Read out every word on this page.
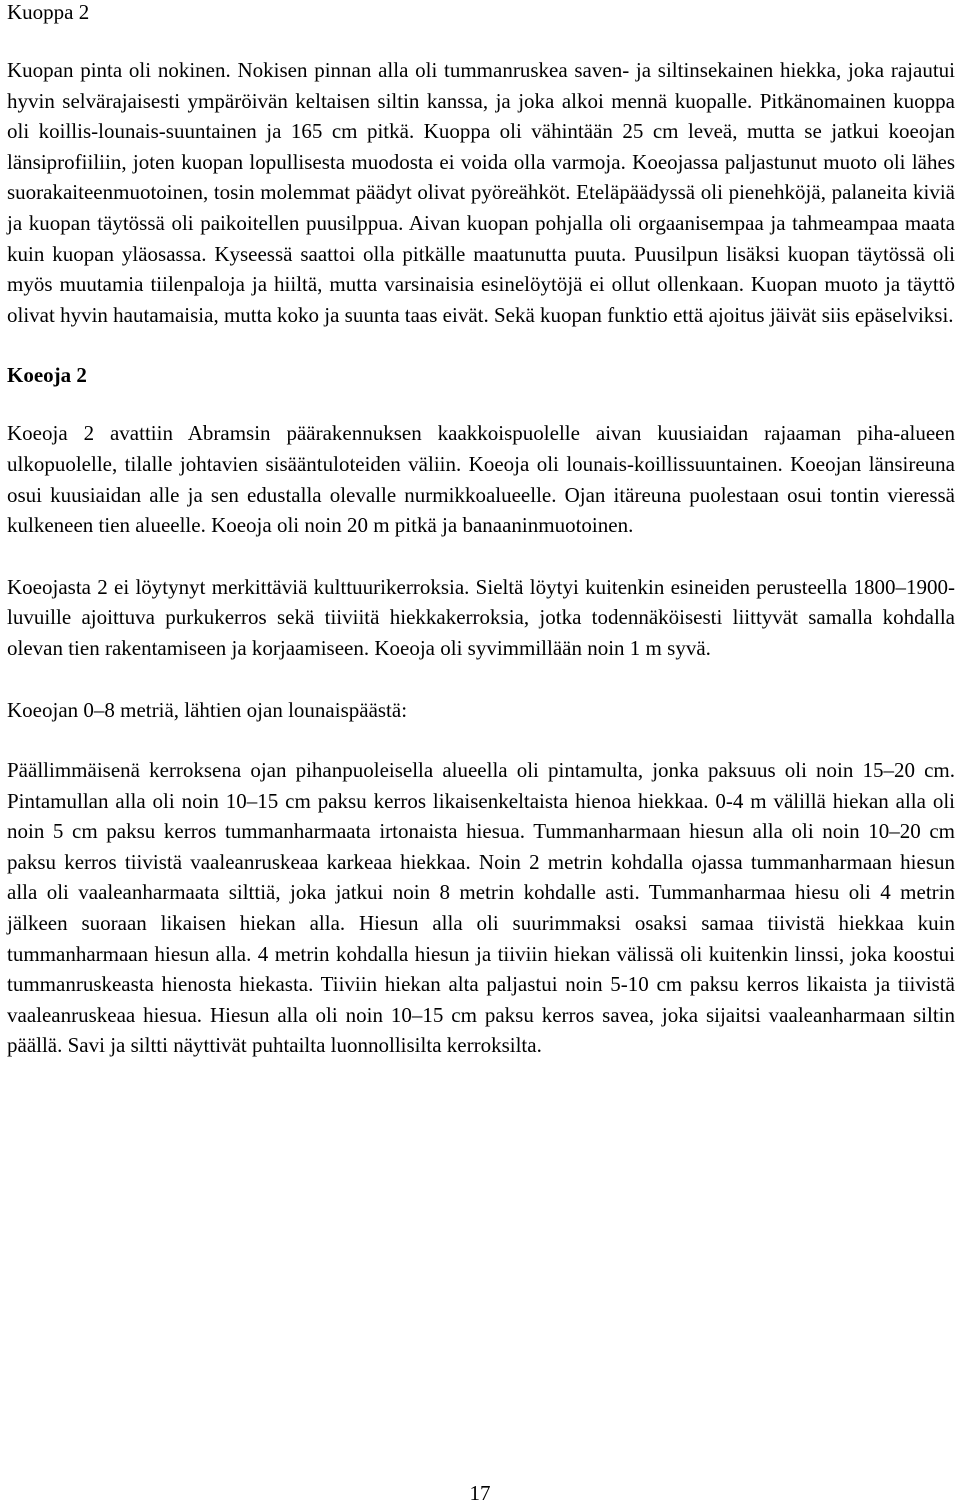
Kuoppa 2

Kuopan pinta oli nokinen. Nokisen pinnan alla oli tummanruskea saven- ja siltinsekainen hiekka, joka rajautui hyvin selvärajaisesti ympäröivän keltaisen siltin kanssa, ja joka alkoi mennä kuopalle. Pitkänomainen kuoppa oli koillis-lounais-suuntainen ja 165 cm pitkä. Kuoppa oli vähintään 25 cm leveä, mutta se jatkui koeojan länsiprofiiliin, joten kuopan lopullisesta muodosta ei voida olla varmoja. Koeojassa paljastunut muoto oli lähes suorakaiteenmuotoinen, tosin molemmat päädyt olivat pyöreähköt. Eteläpäädyssä oli pienehköjä, palaneita kiviä ja kuopan täytössä oli paikoitellen puusilppua. Aivan kuopan pohjalla oli orgaanisempaa ja tahmeampaa maata kuin kuopan yläosassa. Kyseessä saattoi olla pitkälle maatunutta puuta. Puusilpun lisäksi kuopan täytössä oli myös muutamia tiilenpaloja ja hiiltä, mutta varsinaisia esinelöytöjä ei ollut ollenkaan. Kuopan muoto ja täyttö olivat hyvin hautamaisia, mutta koko ja suunta taas eivät. Sekä kuopan funktio että ajoitus jäivät siis epäselviksi.

Koeoja 2

Koeoja 2 avattiin Abramsin päärakennuksen kaakkoispuolelle aivan kuusiaidan rajaaman piha-alueen ulkopuolelle, tilalle johtavien sisääntuloteiden väliin. Koeoja oli lounais-koillissuuntainen. Koeojan länsireuna osui kuusiaidan alle ja sen edustalla olevalle nurmikkoalueelle. Ojan itäreuna puolestaan osui tontin vieressä kulkeneen tien alueelle. Koeoja oli noin 20 m pitkä ja banaaninmuotoinen.

Koeojasta 2 ei löytynyt merkittäviä kulttuurikerroksia. Sieltä löytyi kuitenkin esineiden perusteella 1800–1900-luvuille ajoittuva purkukerros sekä tiiviitä hiekkakerroksia, jotka todennäköisesti liittyvät samalla kohdalla olevan tien rakentamiseen ja korjaamiseen. Koeoja oli syvimmillään noin 1 m syvä.

Koeojan 0–8 metriä, lähtien ojan lounaispäästä:

Päällimmäisenä kerroksena ojan pihanpuoleisella alueella oli pintamulta, jonka paksuus oli noin 15–20 cm. Pintamullan alla oli noin 10–15 cm paksu kerros likaisenkeltaista hienoa hiekkaa. 0-4 m välillä hiekan alla oli noin 5 cm paksu kerros tummanharmaata irtonaista hiesua. Tummanharmaan hiesun alla oli noin 10–20 cm paksu kerros tiivistä vaaleanruskeaa karkeaa hiekkaa. Noin 2 metrin kohdalla ojassa tummanharmaan hiesun alla oli vaaleanharmaata silttiä, joka jatkui noin 8 metrin kohdalle asti. Tummanharmaa hiesu oli 4 metrin jälkeen suoraan likaisen hiekan alla. Hiesun alla oli suurimmaksi osaksi samaa tiivistä hiekkaa kuin tummanharmaan hiesun alla. 4 metrin kohdalla hiesun ja tiiviin hiekan välissä oli kuitenkin linssi, joka koostui tummanruskeasta hienosta hiekasta. Tiiviin hiekan alta paljastui noin 5-10 cm paksu kerros likaista ja tiivistä vaaleanruskeaa hiesua. Hiesun alla oli noin 10–15 cm paksu kerros savea, joka sijaitsi vaaleanharmaan siltin päällä. Savi ja siltti näyttivät puhtailta luonnollisilta kerroksilta.

17
